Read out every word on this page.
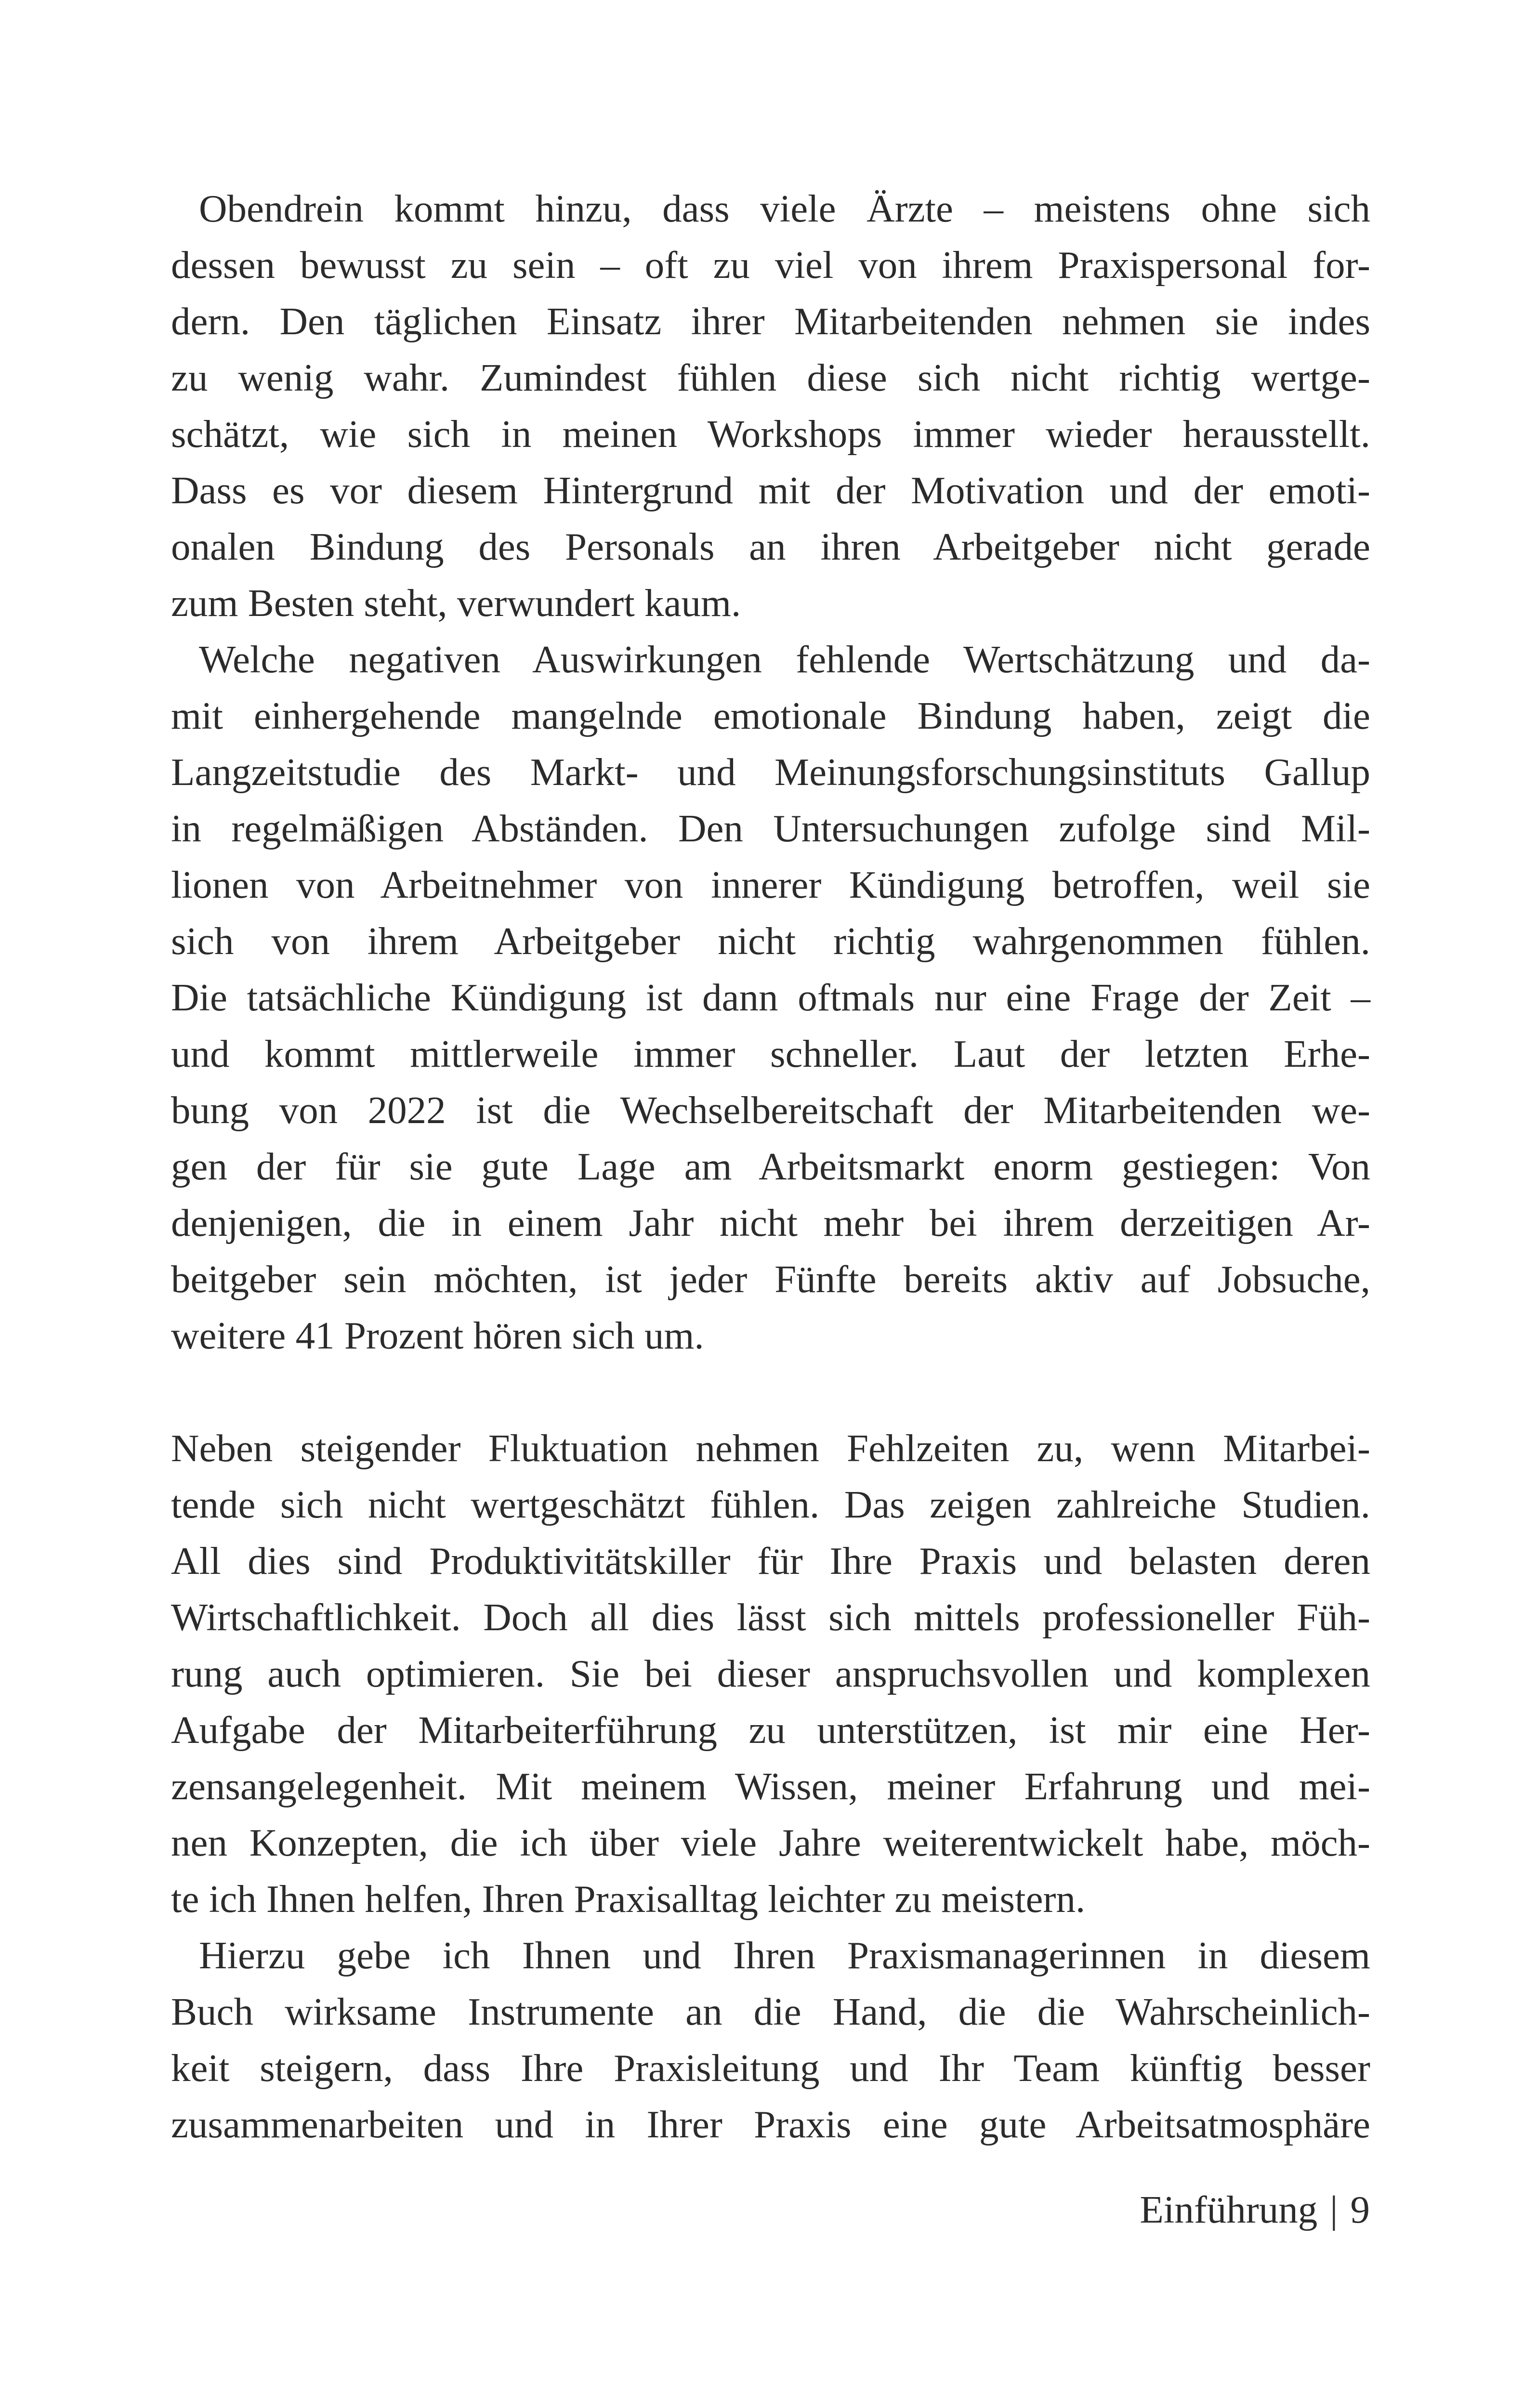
Obendrein kommt hinzu, dass viele Ärzte – meistens ohne sich
dessen bewusst zu sein – oft zu viel von ihrem Praxispersonal for-
dern. Den täglichen Einsatz ihrer Mitarbeitenden nehmen sie indes
zu wenig wahr. Zumindest fühlen diese sich nicht richtig wertge-
schätzt, wie sich in meinen Workshops immer wieder herausstellt.
Dass es vor diesem Hintergrund mit der Motivation und der emoti-
onalen Bindung des Personals an ihren Arbeitgeber nicht gerade
zum Besten steht, verwundert kaum.
Welche negativen Auswirkungen fehlende Wertschätzung und da-
mit einhergehende mangelnde emotionale Bindung haben, zeigt die
Langzeitstudie des Markt- und Meinungsforschungsinstituts Gallup
in regelmäßigen Abständen. Den Untersuchungen zufolge sind Mil-
lionen von Arbeitnehmer von innerer Kündigung betroffen, weil sie
sich von ihrem Arbeitgeber nicht richtig wahrgenommen fühlen.
Die tatsächliche Kündigung ist dann oftmals nur eine Frage der Zeit –
und kommt mittlerweile immer schneller. Laut der letzten Erhe-
bung von 2022 ist die Wechselbereitschaft der Mitarbeitenden we-
gen der für sie gute Lage am Arbeitsmarkt enorm gestiegen: Von
denjenigen, die in einem Jahr nicht mehr bei ihrem derzeitigen Ar-
beitgeber sein möchten, ist jeder Fünfte bereits aktiv auf Jobsuche,
weitere 41 Prozent hören sich um.
Neben steigender Fluktuation nehmen Fehlzeiten zu, wenn Mitarbei-
tende sich nicht wertgeschätzt fühlen. Das zeigen zahlreiche Studien.
All dies sind Produktivitätskiller für Ihre Praxis und belasten deren
Wirtschaftlichkeit. Doch all dies lässt sich mittels professioneller Füh-
rung auch optimieren. Sie bei dieser anspruchsvollen und komplexen
Aufgabe der Mitarbeiterführung zu unterstützen, ist mir eine Her-
zensangelegenheit. Mit meinem Wissen, meiner Erfahrung und mei-
nen Konzepten, die ich über viele Jahre weiterentwickelt habe, möch-
te ich Ihnen helfen, Ihren Praxisalltag leichter zu meistern.
Hierzu gebe ich Ihnen und Ihren Praxismanagerinnen in diesem
Buch wirksame Instrumente an die Hand, die die Wahrscheinlich-
keit steigern, dass Ihre Praxisleitung und Ihr Team künftig besser
zusammenarbeiten und in Ihrer Praxis eine gute Arbeitsatmosphäre
Einführung | 9
